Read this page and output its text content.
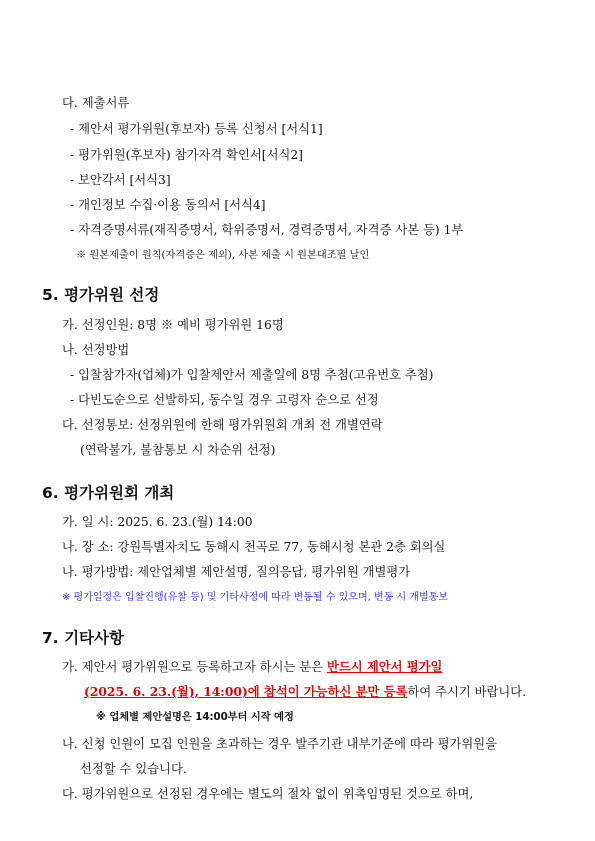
다. 제출서류
- 제안서 평가위원(후보자) 등록 신청서 [서식1]
- 평가위원(후보자) 참가자격 확인서[서식2]
- 보안각서 [서식3]
- 개인정보 수집·이용 동의서 [서식4]
- 자격증명서류(재직증명서, 학위증명서, 경력증명서, 자격증 사본 등) 1부
※ 원본제출이 원칙(자격증은 제외), 사본 제출 시 원본대조필 날인
5. 평가위원 선정
가. 선정인원: 8명 ※ 예비 평가위원 16명
나. 선정방법
- 입찰참가자(업체)가 입찰제안서 제출일에 8명 추첨(고유번호 추첨)
- 다빈도순으로 선발하되, 동수일 경우 고령자 순으로 선정
다. 선정통보: 선정위원에 한해 평가위원회 개최 전 개별연락
(연락불가, 불참통보 시 차순위 선정)
6. 평가위원회 개최
가. 일 시: 2025. 6. 23.(월) 14:00
나. 장 소: 강원특별자치도 동해시 천곡로 77, 동해시청 본관 2층 회의실
나. 평가방법: 제안업체별 제안설명, 질의응답, 평가위원 개별평가
※ 평가일정은 입찰진행(유찰 등) 및 기타사정에 따라 변동될 수 있으며, 변동 시 개별통보
7. 기타사항
가. 제안서 평가위원으로 등록하고자 하시는 분은 반드시 제안서 평가일
(2025. 6. 23.(월), 14:00)에 참석이 가능하신 분만 등록하여 주시기 바랍니다.
※ 업체별 제안설명은 14:00부터 시작 예정
나. 신청 인원이 모집 인원을 초과하는 경우 발주기관 내부기준에 따라 평가위원을
선정할 수 있습니다.
다. 평가위원으로 선정된 경우에는 별도의 절차 없이 위촉임명된 것으로 하며,
